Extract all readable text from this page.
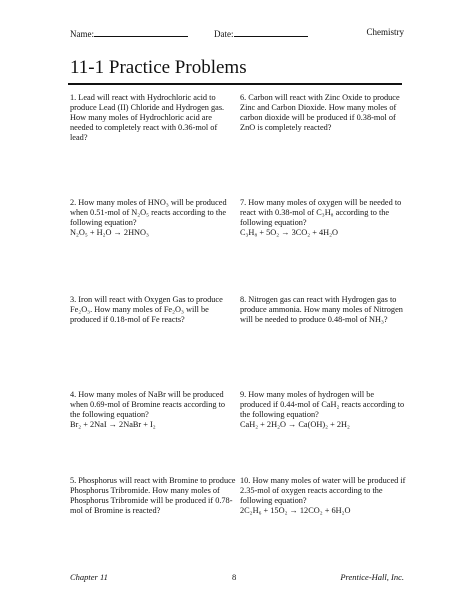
Name:	Date:	Chemistry
11-1 Practice Problems
1. Lead will react with Hydrochloric acid to produce Lead (II) Chloride and Hydrogen gas. How many moles of Hydrochloric acid are needed to completely react with 0.36-mol of lead?
6. Carbon will react with Zinc Oxide to produce Zinc and Carbon Dioxide. How many moles of carbon dioxide will be produced if 0.38-mol of ZnO is completely reacted?
2. How many moles of HNO₃ will be produced when 0.51-mol of N₂O₅ reacts according to the following equation?
N₂O₅ + H₂O → 2HNO₃
7. How many moles of oxygen will be needed to react with 0.38-mol of C₃H₈ according to the following equation?
C₃H₈ + 5O₂ → 3CO₂ + 4H₂O
3. Iron will react with Oxygen Gas to produce Fe₂O₃. How many moles of Fe₂O₃ will be produced if 0.18-mol of Fe reacts?
8. Nitrogen gas can react with Hydrogen gas to produce ammonia. How many moles of Nitrogen will be needed to produce 0.48-mol of NH₃?
4. How many moles of NaBr will be produced when 0.69-mol of Bromine reacts according to the following equation?
Br₂ + 2NaI → 2NaBr + I₂
9. How many moles of hydrogen will be produced if 0.44-mol of CaH₂ reacts according to the following equation?
CaH₂ + 2H₂O → Ca(OH)₂ + 2H₂
5. Phosphorus will react with Bromine to produce Phosphorus Tribromide. How many moles of Phosphorus Tribromide will be produced if 0.78-mol of Bromine is reacted?
10. How many moles of water will be produced if 2.35-mol of oxygen reacts according to the following equation?
2C₂H₆ + 15O₂ → 12CO₂ + 6H₂O
Chapter 11	8	Prentice-Hall, Inc.
